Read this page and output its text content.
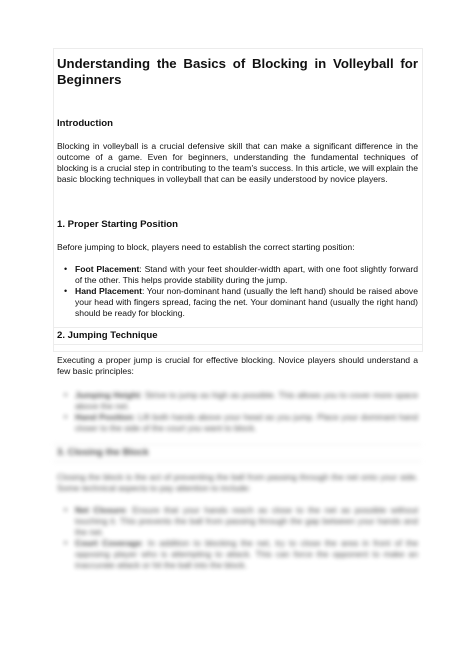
Understanding the Basics of Blocking in Volleyball for Beginners
Introduction

Blocking in volleyball is a crucial defensive skill that can make a significant difference in the outcome of a game. Even for beginners, understanding the fundamental techniques of blocking is a crucial step in contributing to the team's success. In this article, we will explain the basic blocking techniques in volleyball that can be easily understood by novice players.

1. Proper Starting Position

Before jumping to block, players need to establish the correct starting position:

• Foot Placement: Stand with your feet shoulder-width apart, with one foot slightly forward of the other. This helps provide stability during the jump.
• Hand Placement: Your non-dominant hand (usually the left hand) should be raised above your head with fingers spread, facing the net. Your dominant hand (usually the right hand) should be ready for blocking.
2. Jumping Technique

Executing a proper jump is crucial for effective blocking. Novice players should understand a few basic principles:

• Jumping Height: Strive to jump as high as possible. This allows you to cover more space above the net.
• Hand Position: Lift both hands above your head as you jump. Place your dominant hand closer to the side of the court you want to block.
3. Closing the Block

Closing the block is the act of preventing the ball from passing through the net onto your side. Some technical aspects to pay attention to include:

• Net Closure: Ensure that your hands reach as close to the net as possible without touching it. This prevents the ball from passing through the gap between your hands and the net.
• Court Coverage: In addition to blocking the net, try to close the area in front of the opposing player who is attempting to attack. This can force the opponent to make an inaccurate attack or hit the ball into the block.
